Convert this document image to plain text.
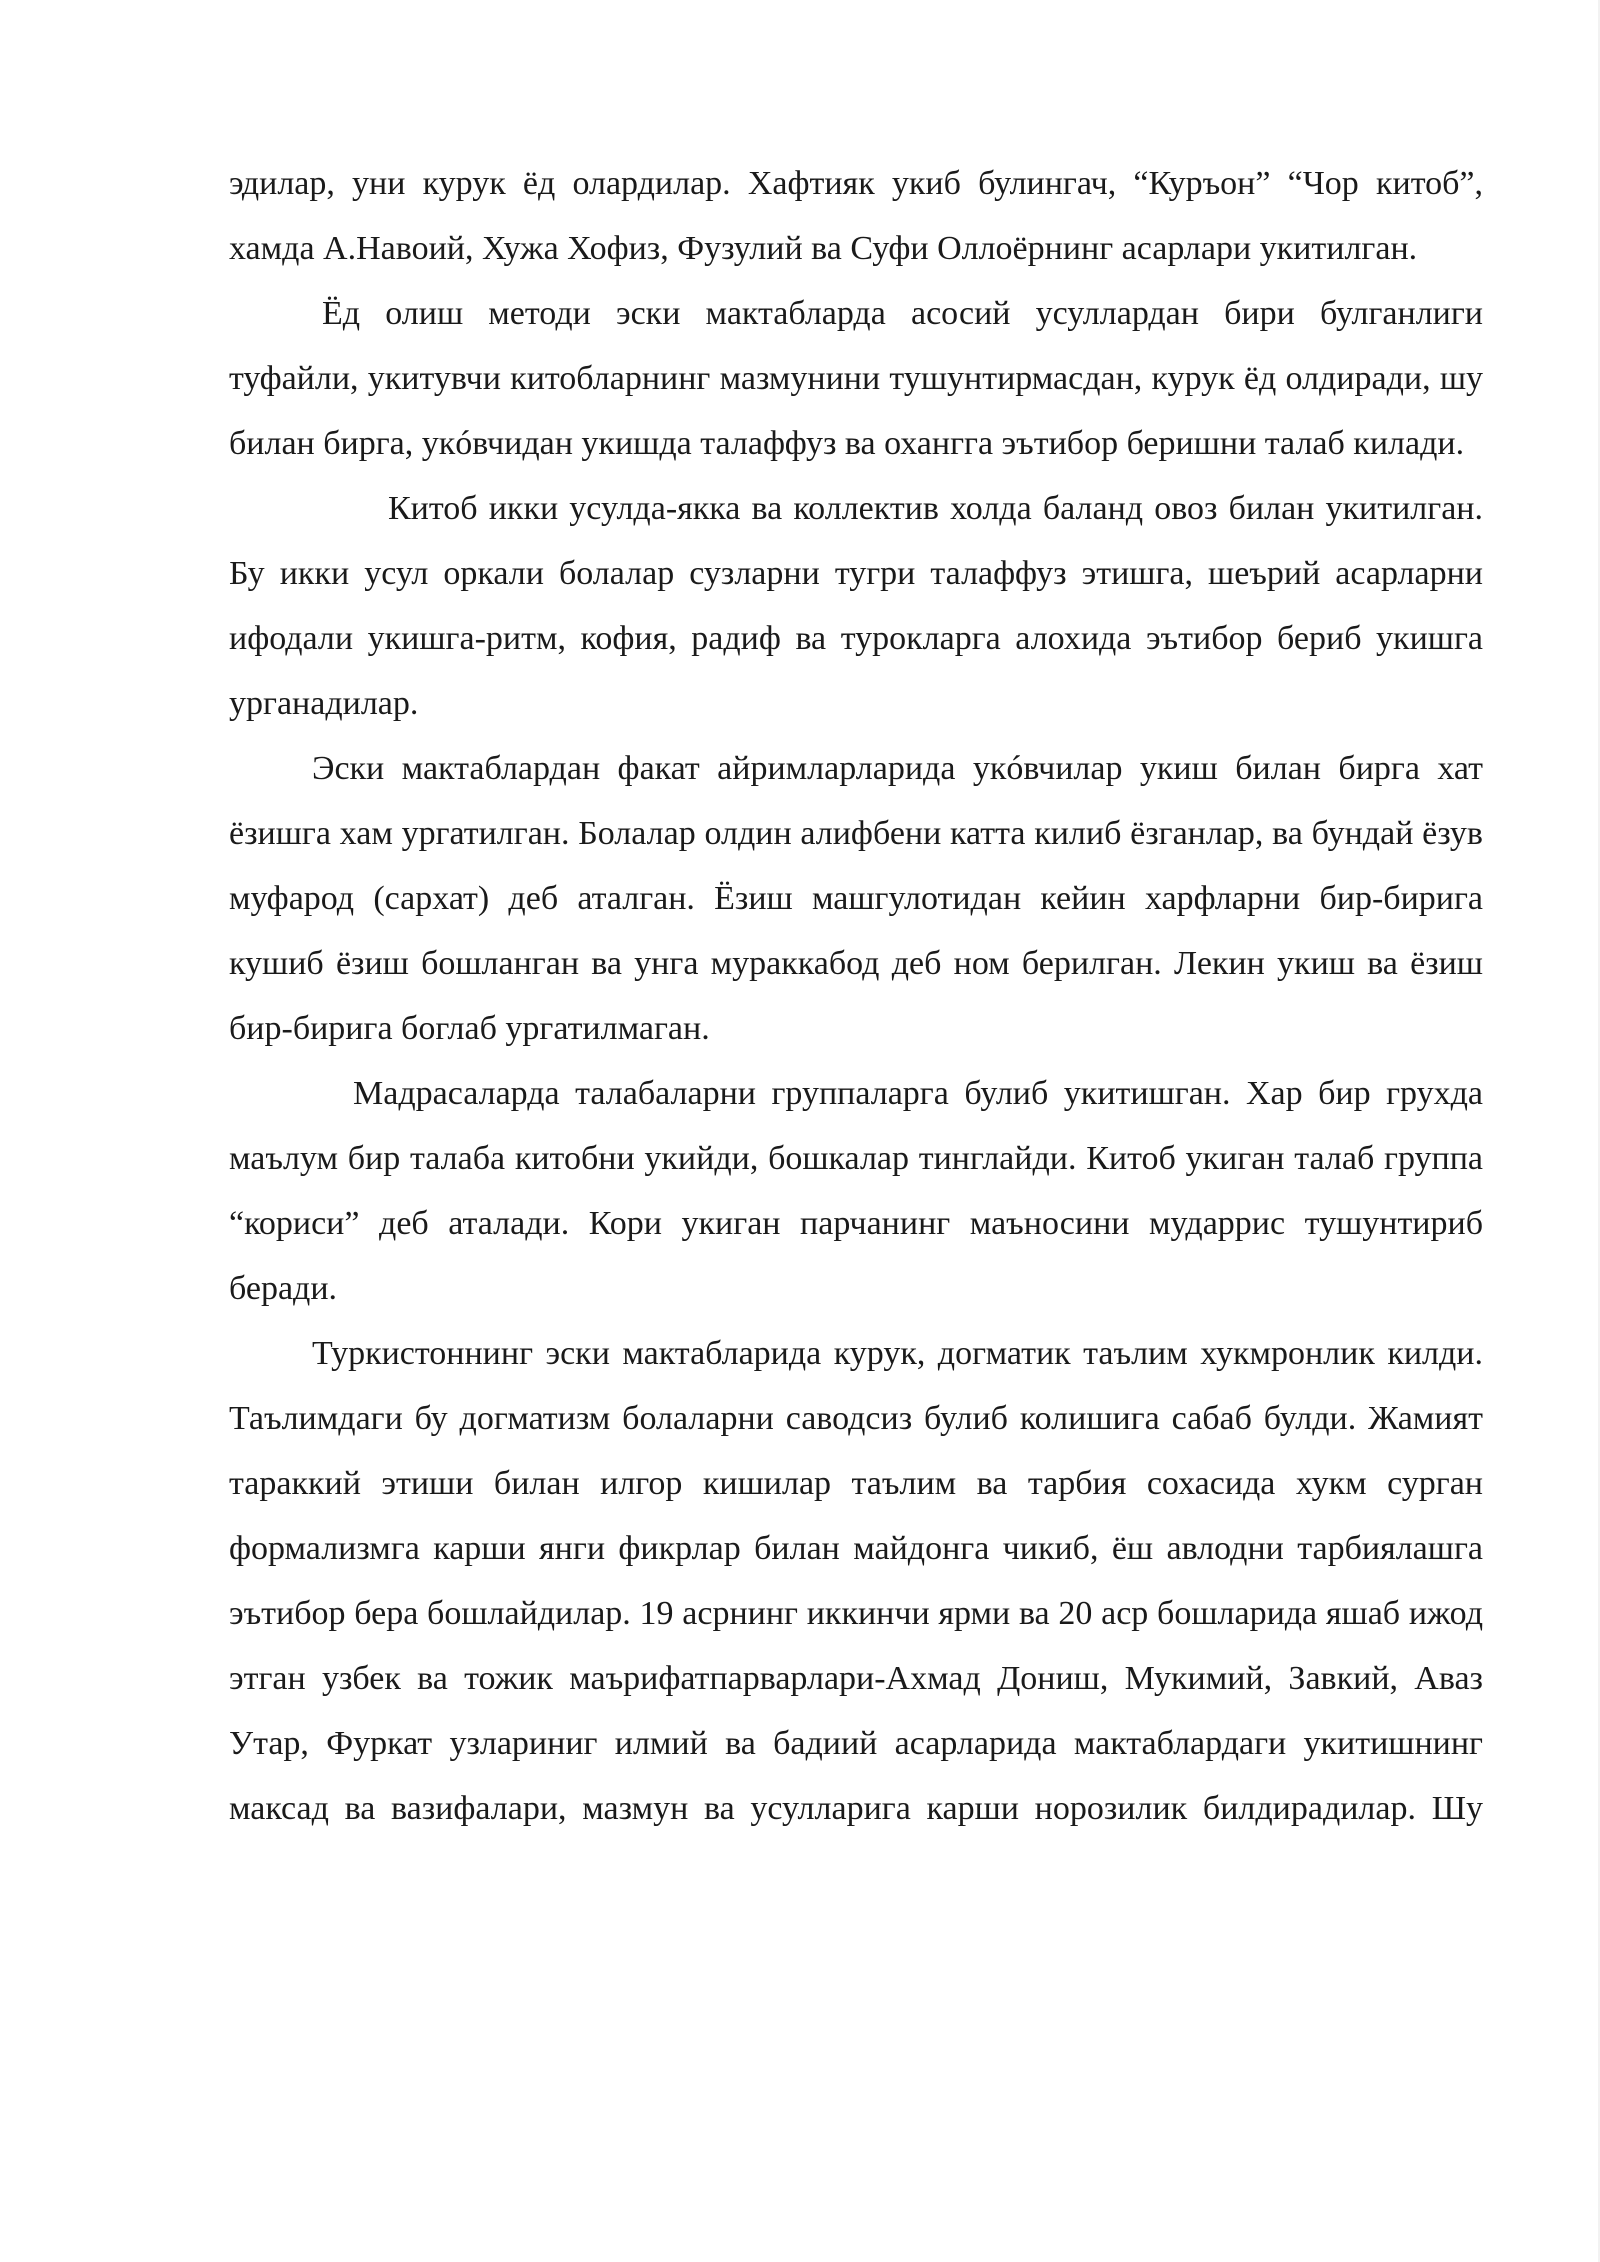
эдилар, уни курук ёд олардилар. Хафтияк укиб булингач, “Куръон” “Чор китоб”, хамда А.Навоий, Хужа Хофиз, Фузулий ва Суфи Оллоёрнинг асарлари укитилган.

Ёд олиш методи эски мактабларда асосий усуллардан бири булганлиги туфайли, укитувчи китобларнинг мазмунини тушунтирмасдан, курук ёд олдиради, шу билан бирга, укóвчидан укишда талаффуз ва охангга эътибор беришни талаб килади.

Китоб икки усулда-якка ва коллектив холда баланд овоз билан укитилган. Бу икки усул оркали болалар сузларни тугри талаффуз этишга, шеърий асарларни ифодали укишга-ритм, кофия, радиф ва турокларга алохида эътибор бериб укишга урганадилар.

Эски мактаблардан факат айримларларида укóвчилар укиш билан бирга хат ёзишга хам ургатилган. Болалар олдин алифбени катта килиб ёзганлар, ва бундай ёзув муфарод (сархат) деб аталган. Ёзиш машгулотидан кейин харфларни бир-бирига кушиб ёзиш бошланган ва унга мураккабод деб ном берилган. Лекин укиш ва ёзиш бир-бирига боглаб ургатилмаган.

Мадрасаларда талабаларни группаларга булиб укитишган. Хар бир грухда маълум бир талаба китобни укийди, бошкалар тинглайди. Китоб укиган талаб группа “кориси” деб аталади. Кори укиган парчанинг маъносини мударрис тушунтириб беради.

Туркистоннинг эски мактабларида курук, догматик таълим хукмронлик килди. Таълимдаги бу догматизм болаларни саводсиз булиб колишига сабаб булди. Жамият тараккий этиши билан илгор кишилар таълим ва тарбия сохасида хукм сурган формализмга карши янги фикрлар билан майдонга чикиб, ёш авлодни тарбиялашга эътибор бера бошлайдилар. 19 асрнинг иккинчи ярми ва 20 аср бошларида яшаб ижод этган узбек ва тожик маърифатпарварлари-Ахмад Дониш, Мукимий, Завкий, Аваз Утар, Фуркат узлариниг илмий ва бадиий асарларида мактаблардаги укитишнинг максад ва вазифалари, мазмун ва усулларига карши норозилик билдирадилар. Шу
